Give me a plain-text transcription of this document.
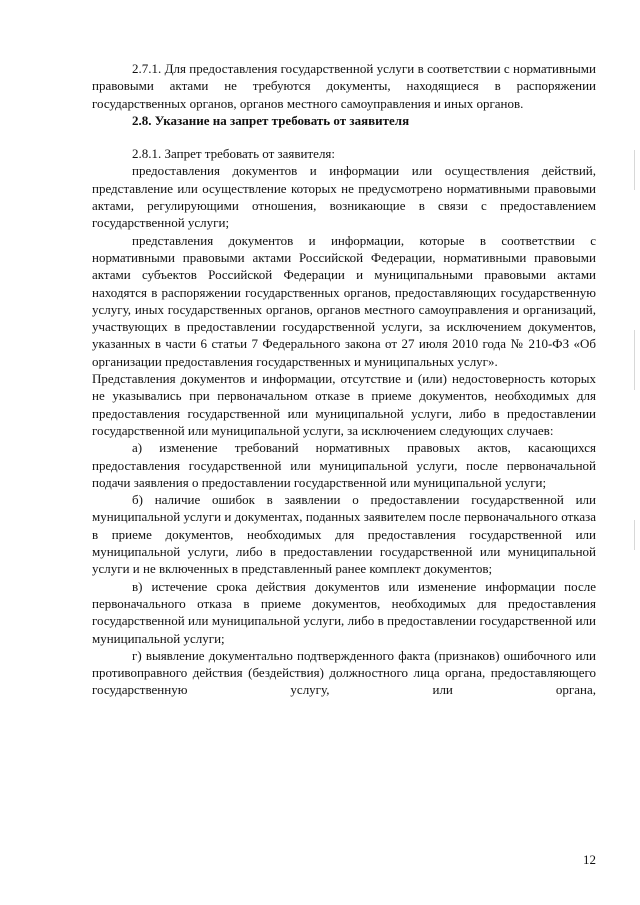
2.7.1. Для предоставления государственной услуги в соответствии с нормативными правовыми актами не требуются документы, находящиеся в распоряжении государственных органов, органов местного самоуправления и иных органов.

2.8. Указание на запрет требовать от заявителя

2.8.1. Запрет требовать от заявителя:

предоставления документов и информации или осуществления действий, представление или осуществление которых не предусмотрено нормативными правовыми актами, регулирующими отношения, возникающие в связи с предоставлением государственной услуги;

представления документов и информации, которые в соответствии с нормативными правовыми актами Российской Федерации, нормативными правовыми актами субъектов Российской Федерации и муниципальными правовыми актами находятся в распоряжении государственных органов, предоставляющих государственную услугу, иных государственных органов, органов местного самоуправления и организаций, участвующих в предоставлении государственной услуги, за исключением документов, указанных в части 6 статьи 7 Федерального закона от 27 июля 2010 года № 210-ФЗ «Об организации предоставления государственных и муниципальных услуг».

Представления документов и информации, отсутствие и (или) недостоверность которых не указывались при первоначальном отказе в приеме документов, необходимых для предоставления государственной или муниципальной услуги, либо в предоставлении государственной или муниципальной услуги, за исключением следующих случаев:

а) изменение требований нормативных правовых актов, касающихся предоставления государственной или муниципальной услуги, после первоначальной подачи заявления о предоставлении государственной или муниципальной услуги;

б) наличие ошибок в заявлении о предоставлении государственной или муниципальной услуги и документах, поданных заявителем после первоначального отказа в приеме документов, необходимых для предоставления государственной или муниципальной услуги, либо в предоставлении государственной или муниципальной услуги и не включенных в представленный ранее комплект документов;

в) истечение срока действия документов или изменение информации после первоначального отказа в приеме документов, необходимых для предоставления государственной или муниципальной услуги, либо в предоставлении государственной или муниципальной услуги;

г) выявление документально подтвержденного факта (признаков) ошибочного или противоправного действия (бездействия) должностного лица органа, предоставляющего государственную услугу, или органа,

12
